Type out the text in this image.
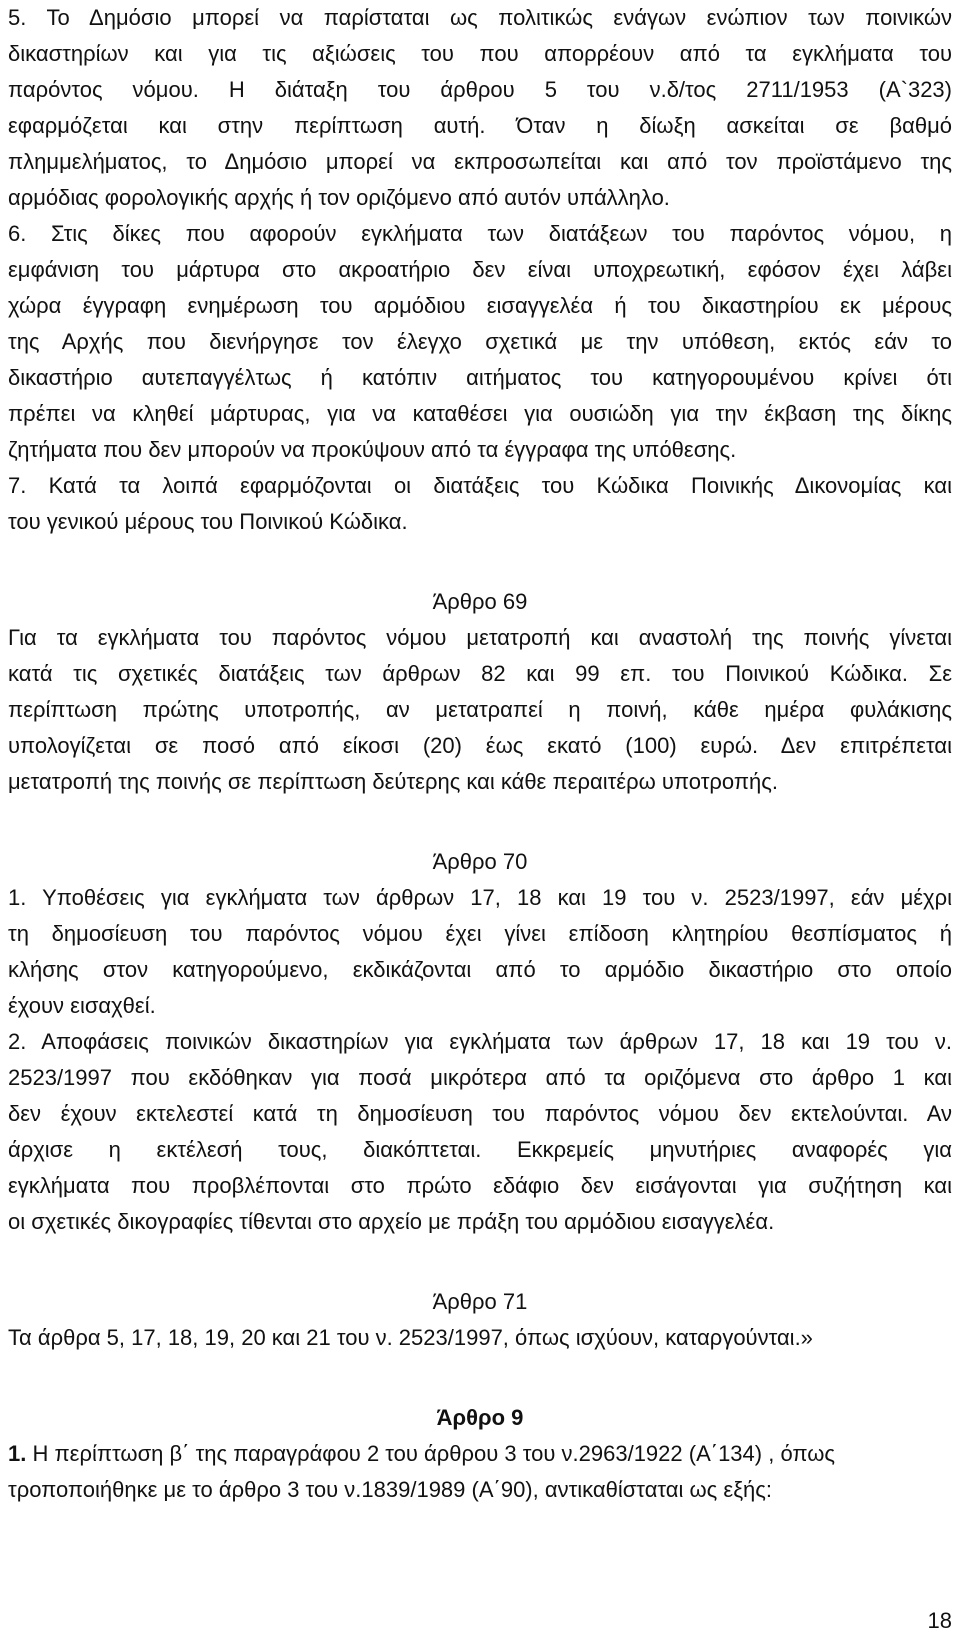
5. Το Δημόσιο μπορεί να παρίσταται ως πολιτικώς ενάγων ενώπιον των ποινικών
δικαστηρίων και για τις αξιώσεις του που απορρέουν από τα εγκλήματα του
παρόντος νόμου. Η διάταξη του άρθρου 5 του ν.δ/τος 2711/1953 (Α`323)
εφαρμόζεται και στην περίπτωση αυτή. Όταν η δίωξη ασκείται σε βαθμό
πλημμελήματος, το Δημόσιο μπορεί να εκπροσωπείται και από τον προϊστάμενο της
αρμόδιας φορολογικής αρχής ή τον οριζόμενο από αυτόν υπάλληλο.
6. Στις δίκες που αφορούν εγκλήματα των διατάξεων του παρόντος νόμου, η
εμφάνιση του μάρτυρα στο ακροατήριο δεν είναι υποχρεωτική, εφόσον έχει λάβει
χώρα έγγραφη ενημέρωση του αρμόδιου εισαγγελέα ή του δικαστηρίου εκ μέρους
της Αρχής που διενήργησε τον έλεγχο σχετικά με την υπόθεση, εκτός εάν το
δικαστήριο αυτεπαγγέλτως ή κατόπιν αιτήματος του κατηγορουμένου κρίνει ότι
πρέπει να κληθεί μάρτυρας, για να καταθέσει για ουσιώδη για την έκβαση της δίκης
ζητήματα που δεν μπορούν να προκύψουν από τα έγγραφα της υπόθεσης.
7. Κατά τα λοιπά εφαρμόζονται οι διατάξεις του Κώδικα Ποινικής Δικονομίας και
του γενικού μέρους του Ποινικού Κώδικα.
Άρθρο 69
Για τα εγκλήματα του παρόντος νόμου μετατροπή και αναστολή της ποινής γίνεται
κατά τις σχετικές διατάξεις των άρθρων 82 και 99 επ. του Ποινικού Κώδικα. Σε
περίπτωση πρώτης υποτροπής, αν μετατραπεί η ποινή, κάθε ημέρα φυλάκισης
υπολογίζεται σε ποσό από είκοσι (20) έως εκατό (100) ευρώ. Δεν επιτρέπεται
μετατροπή της ποινής σε περίπτωση δεύτερης και κάθε περαιτέρω υποτροπής.
Άρθρο 70
1. Υποθέσεις για εγκλήματα των άρθρων 17, 18 και 19 του ν. 2523/1997, εάν μέχρι
τη δημοσίευση του παρόντος νόμου έχει γίνει επίδοση κλητηρίου θεσπίσματος ή
κλήσης στον κατηγορούμενο, εκδικάζονται από το αρμόδιο δικαστήριο στο οποίο
έχουν εισαχθεί.
2. Αποφάσεις ποινικών δικαστηρίων για εγκλήματα των άρθρων 17, 18 και 19 του ν.
2523/1997 που εκδόθηκαν για ποσά μικρότερα από τα οριζόμενα στο άρθρο 1 και
δεν έχουν εκτελεστεί κατά τη δημοσίευση του παρόντος νόμου δεν εκτελούνται. Αν
άρχισε η εκτέλεσή τους, διακόπτεται. Εκκρεμείς μηνυτήριες αναφορές για
εγκλήματα που προβλέπονται στο πρώτο εδάφιο δεν εισάγονται για συζήτηση και
οι σχετικές δικογραφίες τίθενται στο αρχείο με πράξη του αρμόδιου εισαγγελέα.
Άρθρο 71
Τα άρθρα 5, 17, 18, 19, 20 και 21 του ν. 2523/1997, όπως ισχύουν, καταργούνται.»
Άρθρο 9
1. Η περίπτωση β΄ της παραγράφου 2 του άρθρου 3 του ν.2963/1922 (Α΄134) , όπως
τροποποιήθηκε με το άρθρο 3 του ν.1839/1989 (Α΄90), αντικαθίσταται ως εξής:
18
